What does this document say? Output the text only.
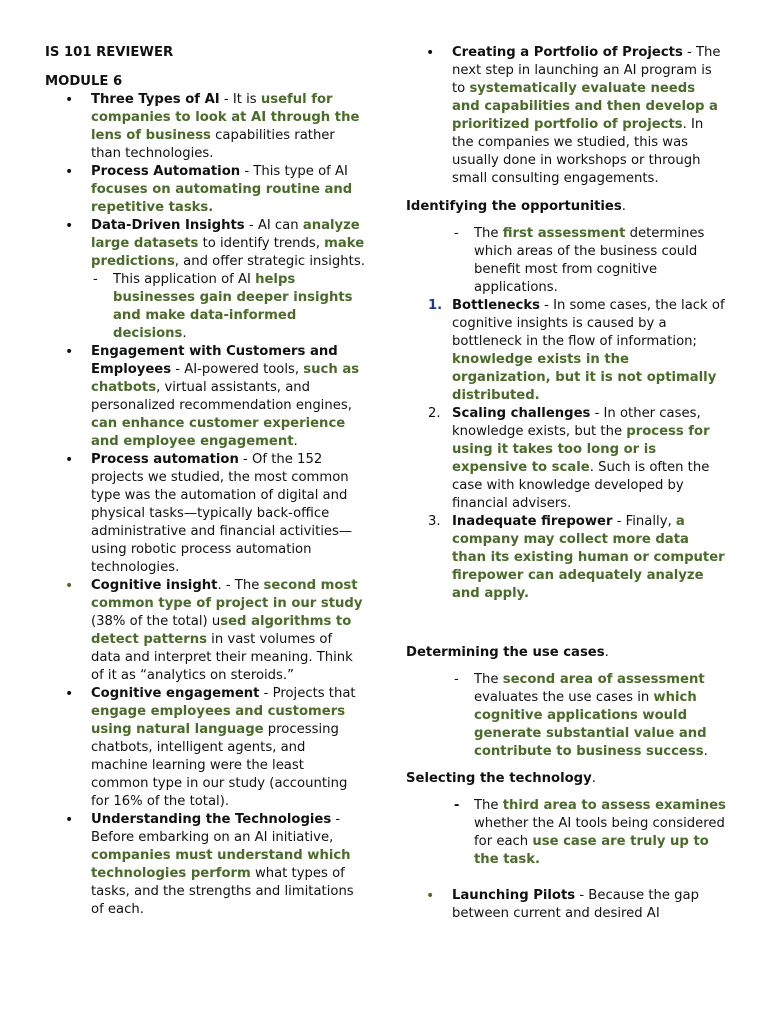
IS 101 REVIEWER

MODULE 6

• Three Types of AI - It is useful for companies to look at AI through the lens of business capabilities rather than technologies.
• Process Automation - This type of AI focuses on automating routine and repetitive tasks.
• Data-Driven Insights - AI can analyze large datasets to identify trends, make predictions, and offer strategic insights.
- This application of AI helps businesses gain deeper insights and make data-informed decisions.
• Engagement with Customers and Employees - AI-powered tools, such as chatbots, virtual assistants, and personalized recommendation engines, can enhance customer experience and employee engagement.
• Process automation - Of the 152 projects we studied, the most common type was the automation of digital and physical tasks—typically back-office administrative and financial activities—using robotic process automation technologies.
• Cognitive insight. - The second most common type of project in our study (38% of the total) used algorithms to detect patterns in vast volumes of data and interpret their meaning. Think of it as “analytics on steroids.”
• Cognitive engagement - Projects that engage employees and customers using natural language processing chatbots, intelligent agents, and machine learning were the least common type in our study (accounting for 16% of the total).
• Understanding the Technologies - Before embarking on an AI initiative, companies must understand which technologies perform what types of tasks, and the strengths and limitations of each.
• Creating a Portfolio of Projects - The next step in launching an AI program is to systematically evaluate needs and capabilities and then develop a prioritized portfolio of projects. In the companies we studied, this was usually done in workshops or through small consulting engagements.

Identifying the opportunities.

- The first assessment determines which areas of the business could benefit most from cognitive applications.
1. Bottlenecks - In some cases, the lack of cognitive insights is caused by a bottleneck in the flow of information; knowledge exists in the organization, but it is not optimally distributed.
2. Scaling challenges - In other cases, knowledge exists, but the process for using it takes too long or is expensive to scale. Such is often the case with knowledge developed by financial advisers.
3. Inadequate firepower - Finally, a company may collect more data than its existing human or computer firepower can adequately analyze and apply.

Determining the use cases.

- The second area of assessment evaluates the use cases in which cognitive applications would generate substantial value and contribute to business success.

Selecting the technology.

- The third area to assess examines whether the AI tools being considered for each use case are truly up to the task.
• Launching Pilots - Because the gap between current and desired AI
